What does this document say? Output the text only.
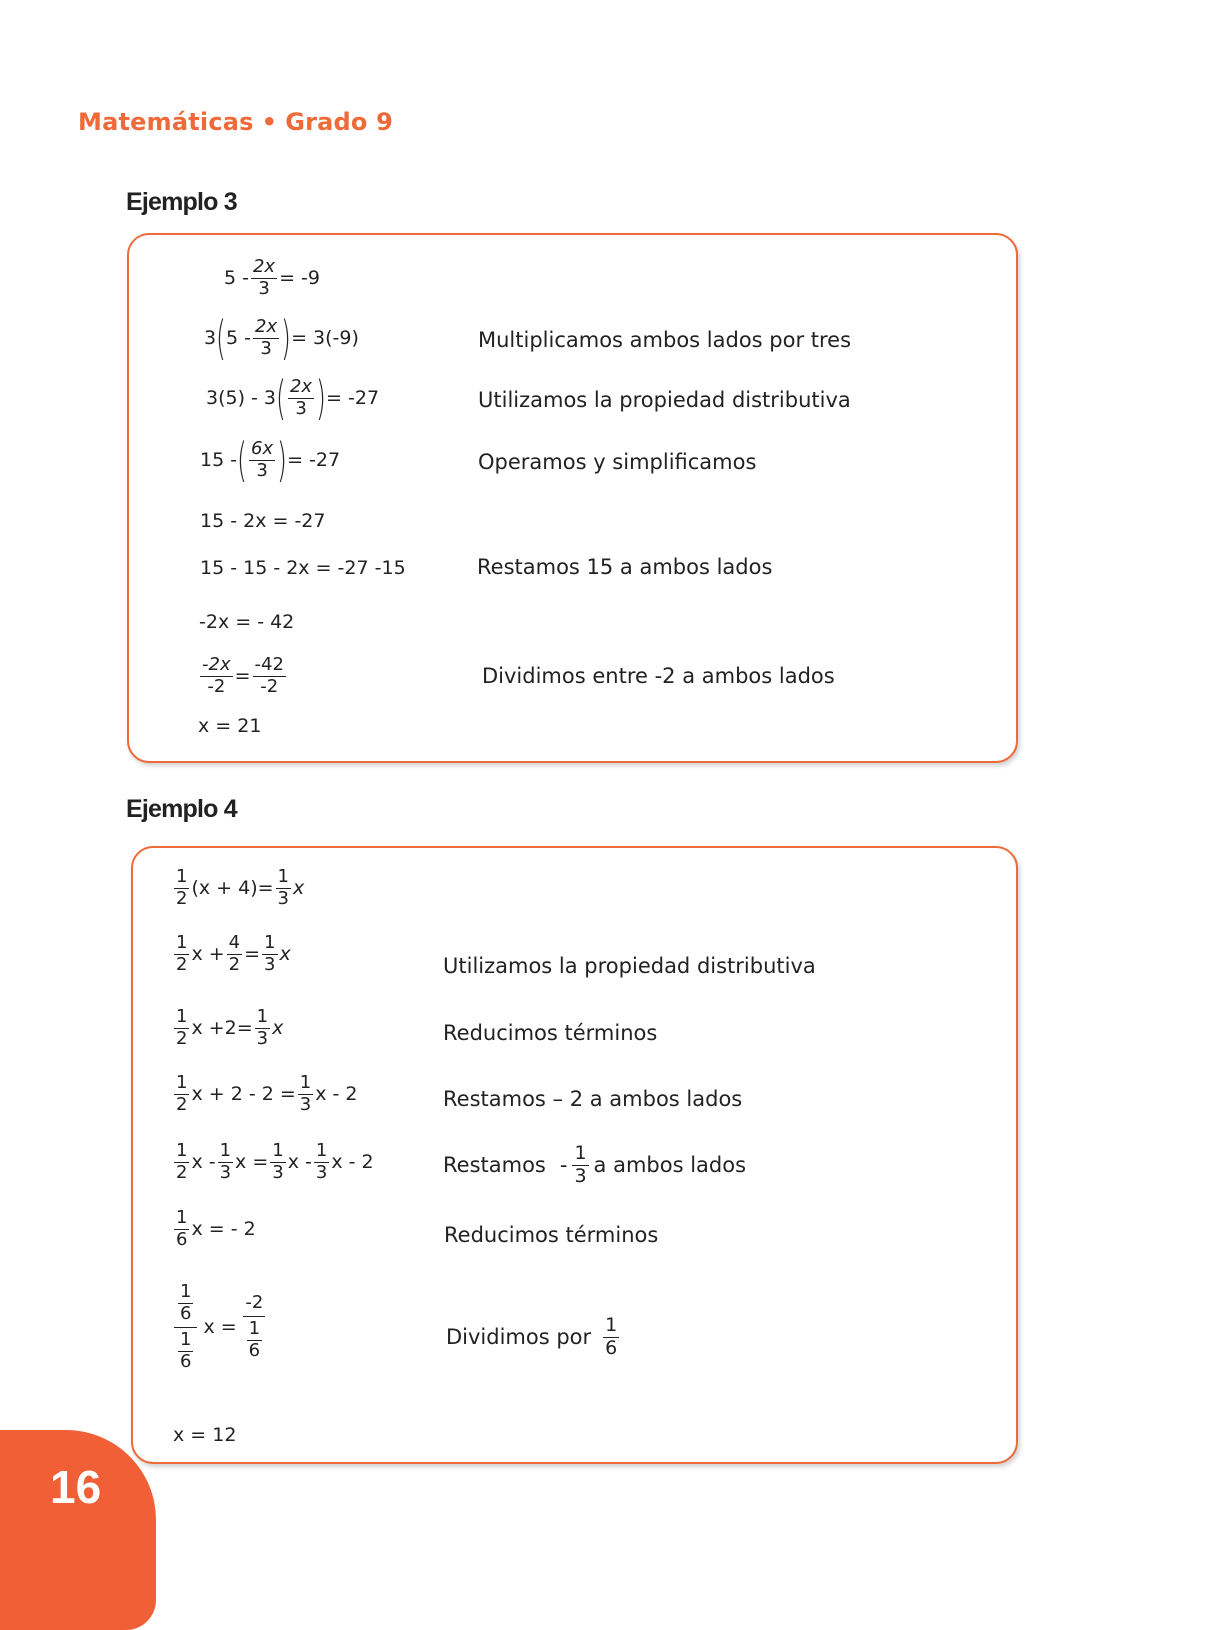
Matemáticas • Grado 9
Ejemplo 3
$5 - \frac{2x}{3} = -9$
3 ( 5 -
2x
3 ) = 3(-9)	Multiplicamos ambos lados por tres
3(5) - 3 ( 2x
3 ) = -27	Utilizamos la propiedad distributiva
15 - ( 6x
3 ) = -27	Operamos y simplificamos
15 - 2x = -27
15 - 15 - 2x = -27 -15	Restamos 15 a ambos lados
-2x = - 42
$\frac{-2x}{-2} = \frac{-42}{-2}$	Dividimos entre -2 a ambos lados
x = 21
Ejemplo 4
1
2 $(x + 4)= \frac{1}{3}$ x
1
2 $x + \frac{4}{2} = \frac{1}{3}$ x
Utilizamos la propiedad distributiva
1
2 $x +2= \frac{1}{3}$ x	Reducimos términos
1
2 $x + 2 - 2 = \frac{1}{3}$ x - 2	Restamos – 2 a ambos lados
1
2 x -
1
3 $x = \frac{1}{3}$ x -
1
3 x - 2	Restamos -
1
3 a ambos lados
1
6 x = - 2	Reducimos términos
$\frac{1}{6}$
$\frac{1}{6}$
$x = \frac{-2}{\frac{1}{6}}$	Dividimos por
1
6
x = 12
16
